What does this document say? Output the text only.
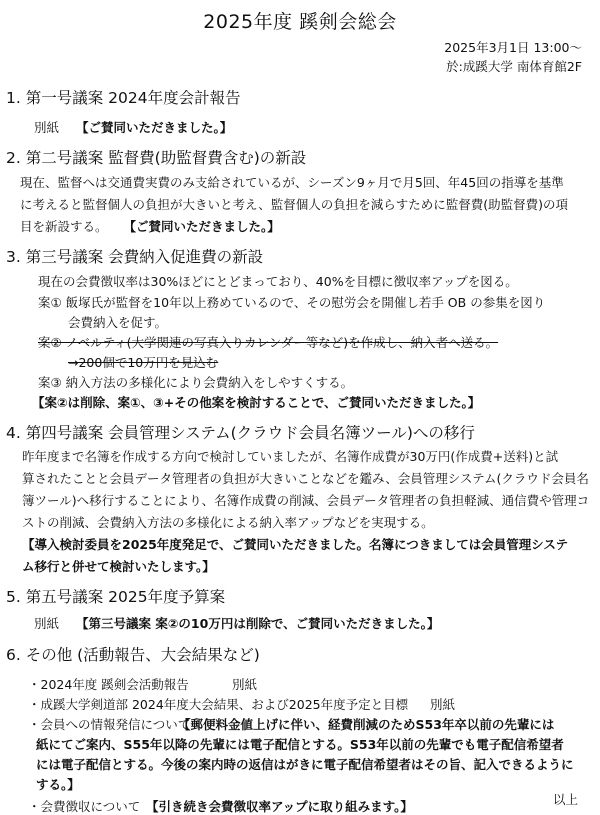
2025年度 蹊剣会総会
2025年3月1日 13:00～
於:成蹊大学 南体育館2F
1. 第一号議案 2024年度会計報告
別紙 【ご賛同いただきました。】
2. 第二号議案 監督費(助監督費含む)の新設
現在、監督へは交通費実費のみ支給されているが、シーズン9ヶ月で月5回、年45回の指導を基準
に考えると監督個人の負担が大きいと考え、監督個人の負担を減らすために監督費(助監督費)の項
目を新設する。 【ご賛同いただきました。】
3. 第三号議案 会費納入促進費の新設
現在の会費徴収率は30%ほどにとどまっており、40%を目標に徴収率アップを図る。
案① 飯塚氏が監督を10年以上務めているので、その慰労会を開催し若手 OB の参集を図り
会費納入を促す。
案② ノベルティ(大学関連の写真入りカレンダー等など)を作成し、納入者へ送る。
→200個で10万円を見込む
案③ 納入方法の多様化により会費納入をしやすくする。
【案②は削除、案①、③+その他案を検討することで、ご賛同いただきました。】
4. 第四号議案 会員管理システム(クラウド会員名簿ツール)への移行
昨年度まで名簿を作成する方向で検討していましたが、名簿作成費が30万円(作成費+送料)と試
算されたことと会員データ管理者の負担が大きいことなどを鑑み、会員管理システム(クラウド会員名
簿ツール)へ移行することにより、名簿作成費の削減、会員データ管理者の負担軽減、通信費や管理コ
ストの削減、会費納入方法の多様化による納入率アップなどを実現する。
【導入検討委員を2025年度発足で、ご賛同いただきました。名簿につきましては会員管理システ
ム移行と併せて検討いたします。】
5. 第五号議案 2025年度予算案
別紙 【第三号議案 案②の10万円は削除で、ご賛同いただきました。】
6. その他 (活動報告、大会結果など)
・2024年度 蹊剣会活動報告	別紙
・成蹊大学剣道部 2024年度大会結果、および2025年度予定と目標 別紙
・会員への情報発信について
【郵便料金値上げに伴い、経費削減のためS53年卒以前の先輩には
紙にてご案内、S55年以降の先輩には電子配信とする。S53年以前の先輩でも電子配信希望者
には電子配信とする。今後の案内時の返信はがきに電子配信希望者はその旨、記入できるように
する。】
・会費徴収について 【引き続き会費徴収率アップに取り組みます。】	以上
